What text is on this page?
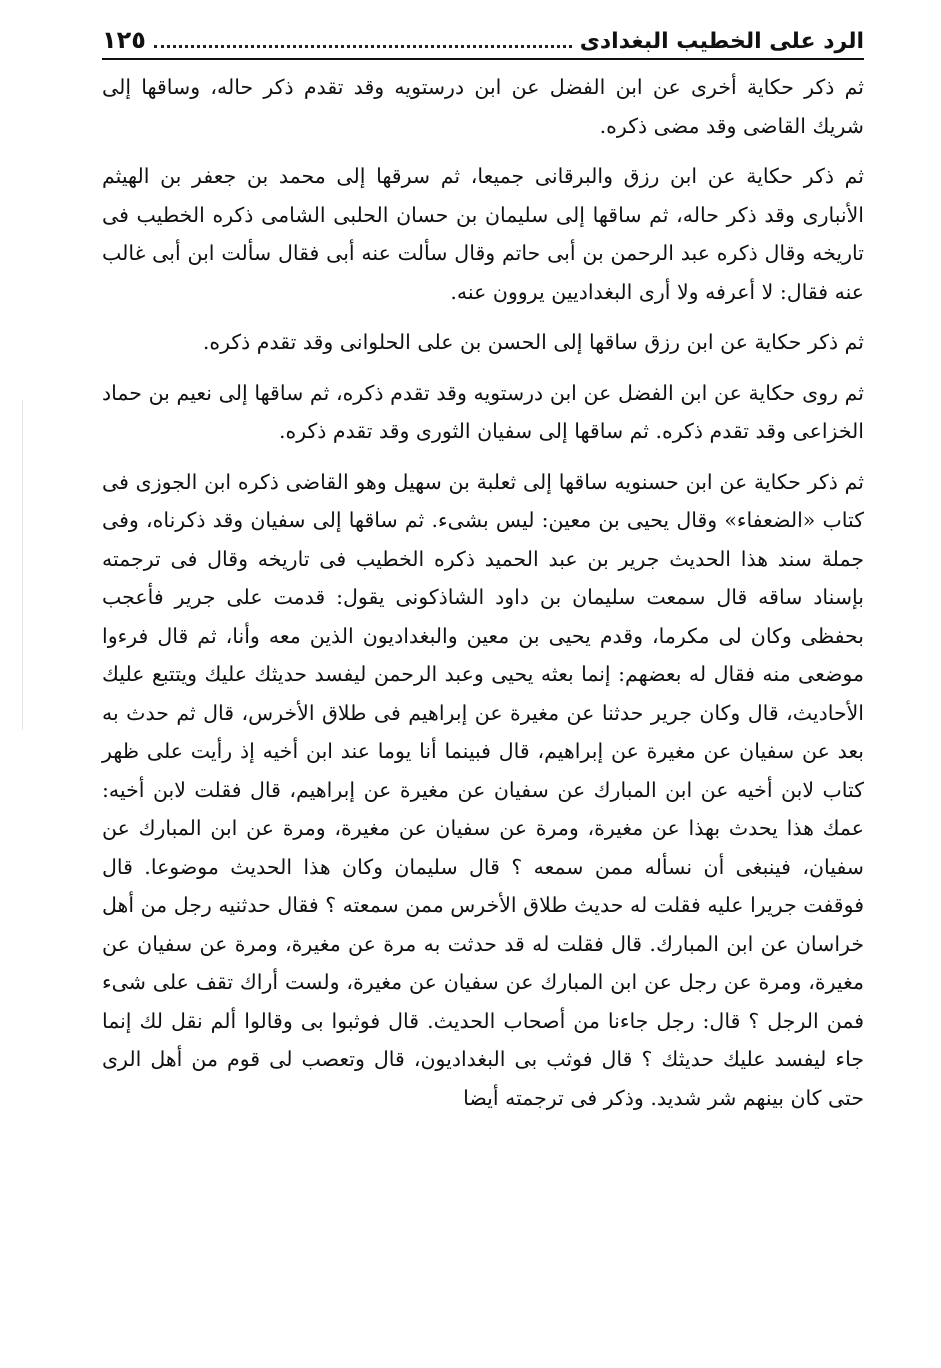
الرد على الخطيب البغدادى
١٢٥

ثم ذكر حكاية أخرى عن ابن الفضل عن ابن درستويه وقد تقدم ذكر حاله، وساقها إلى شريك القاضى وقد مضى ذكره.

ثم ذكر حكاية عن ابن رزق والبرقانى جميعا، ثم سرقها إلى محمد بن جعفر بن الهيثم الأنبارى وقد ذكر حاله، ثم ساقها إلى سليمان بن حسان الحلبى الشامى ذكره الخطيب فى تاريخه وقال ذكره عبد الرحمن بن أبى حاتم وقال سألت عنه أبى فقال سألت ابن أبى غالب عنه فقال: لا أعرفه ولا أرى البغداديين يروون عنه.

ثم ذكر حكاية عن ابن رزق ساقها إلى الحسن بن على الحلوانى وقد تقدم ذكره.

ثم روى حكاية عن ابن الفضل عن ابن درستويه وقد تقدم ذكره، ثم ساقها إلى نعيم بن حماد الخزاعى وقد تقدم ذكره. ثم ساقها إلى سفيان الثورى وقد تقدم ذكره.

ثم ذكر حكاية عن ابن حسنويه ساقها إلى ثعلبة بن سهيل وهو القاضى ذكره ابن الجوزى فى كتاب «الضعفاء» وقال يحيى بن معين: ليس بشىء. ثم ساقها إلى سفيان وقد ذكرناه، وفى جملة سند هذا الحديث جرير بن عبد الحميد ذكره الخطيب فى تاريخه وقال فى ترجمته بإسناد ساقه قال سمعت سليمان بن داود الشاذكونى يقول: قدمت على جرير فأعجب بحفظى وكان لى مكرما، وقدم يحيى بن معين والبغداديون الذين معه وأنا، ثم قال فرءوا موضعى منه فقال له بعضهم: إنما بعثه يحيى وعبد الرحمن ليفسد حديثك عليك ويتتبع عليك الأحاديث، قال وكان جرير حدثنا عن مغيرة عن إبراهيم فى طلاق الأخرس، قال ثم حدث به بعد عن سفيان عن مغيرة عن إبراهيم، قال فبينما أنا يوما عند ابن أخيه إذ رأيت على ظهر كتاب لابن أخيه عن ابن المبارك عن سفيان عن مغيرة عن إبراهيم، قال فقلت لابن أخيه: عمك هذا يحدث بهذا عن مغيرة، ومرة عن سفيان عن مغيرة، ومرة عن ابن المبارك عن سفيان، فينبغى أن نسأله ممن سمعه ؟ قال سليمان وكان هذا الحديث موضوعا. قال فوقفت جريرا عليه فقلت له حديث طلاق الأخرس ممن سمعته ؟ فقال حدثنيه رجل من أهل خراسان عن ابن المبارك. قال فقلت له قد حدثت به مرة عن مغيرة، ومرة عن سفيان عن مغيرة، ومرة عن رجل عن ابن المبارك عن سفيان عن مغيرة، ولست أراك تقف على شىء فمن الرجل ؟ قال: رجل جاءنا من أصحاب الحديث. قال فوثبوا بى وقالوا ألم نقل لك إنما جاء ليفسد عليك حديثك ؟ قال فوثب بى البغداديون، قال وتعصب لى قوم من أهل الرى حتى كان بينهم شر شديد. وذكر فى ترجمته أيضا
